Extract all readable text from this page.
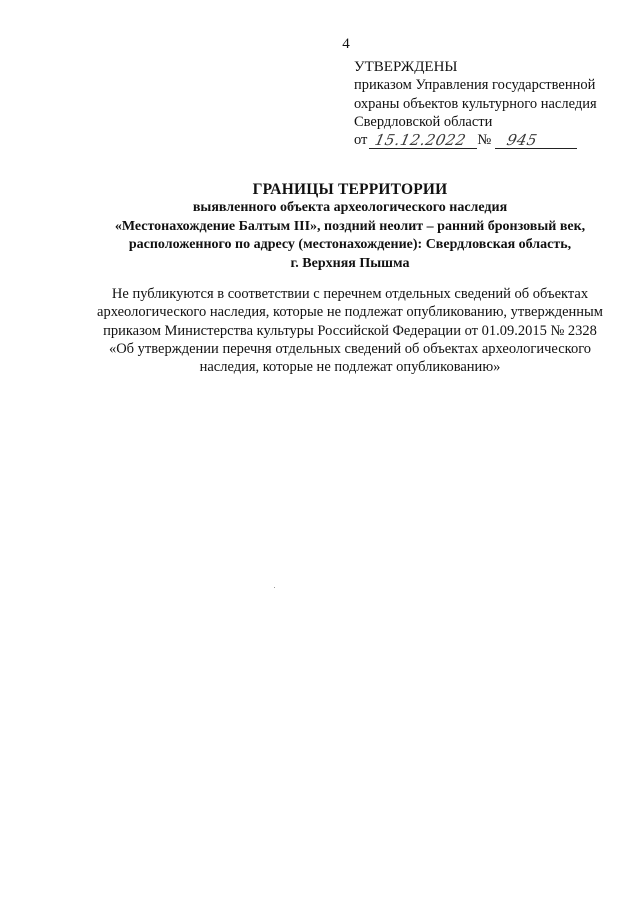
4
УТВЕРЖДЕНЫ
приказом Управления государственной
охраны объектов культурного наследия
Свердловской области
от 15.12.2022 № 945
ГРАНИЦЫ ТЕРРИТОРИИ
выявленного объекта археологического наследия
«Местонахождение Балтым III», поздний неолит – ранний бронзовый век,
расположенного по адресу (местонахождение): Свердловская область,
г. Верхняя Пышма
Не публикуются в соответствии с перечнем отдельных сведений об объектах
археологического наследия, которые не подлежат опубликованию, утвержденным
приказом Министерства культуры Российской Федерации от 01.09.2015 № 2328
«Об утверждении перечня отдельных сведений об объектах археологического
наследия, которые не подлежат опубликованию»
